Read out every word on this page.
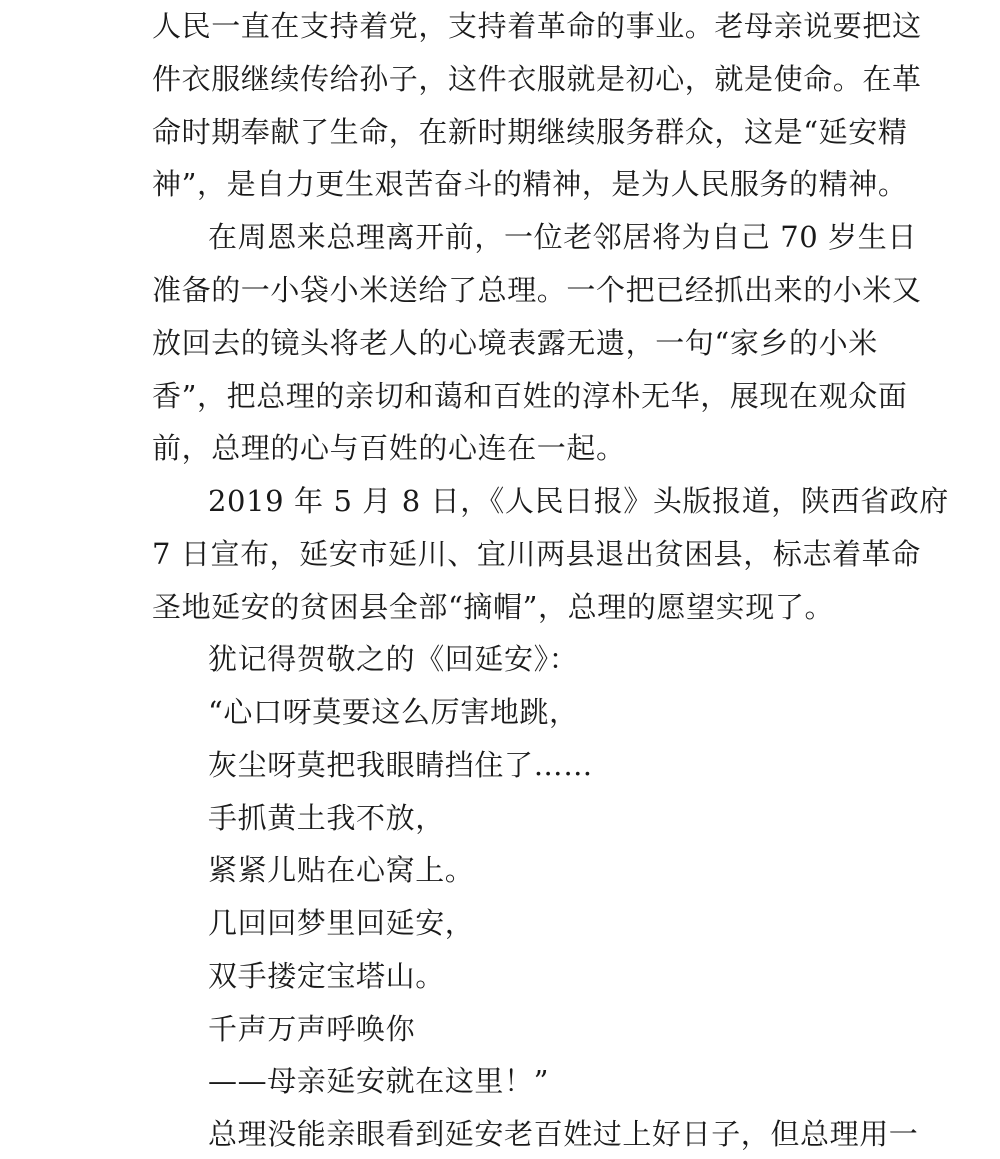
人民一直在支持着党，支持着革命的事业。老母亲说要把这
件衣服继续传给孙子，这件衣服就是初心，就是使命。在革
命时期奉献了生命，在新时期继续服务群众，这是“延安精
神”，是自力更生艰苦奋斗的精神，是为人民服务的精神。
在周恩来总理离开前，一位老邻居将为自己 70 岁生日
准备的一小袋小米送给了总理。一个把已经抓出来的小米又
放回去的镜头将老人的心境表露无遗，一句“家乡的小米
香”，把总理的亲切和蔼和百姓的淳朴无华，展现在观众面
前，总理的心与百姓的心连在一起。
2019 年 5 月 8 日，《人民日报》头版报道，陕西省政府
7 日宣布，延安市延川、宜川两县退出贫困县，标志着革命
圣地延安的贫困县全部“摘帽”，总理的愿望实现了。
犹记得贺敬之的《回延安》：
“心口呀莫要这么厉害地跳，
灰尘呀莫把我眼睛挡住了……
手抓黄土我不放，
紧紧儿贴在心窝上。
几回回梦里回延安，
双手搂定宝塔山。
千声万声呼唤你
——母亲延安就在这里！”
总理没能亲眼看到延安老百姓过上好日子，但总理用一
